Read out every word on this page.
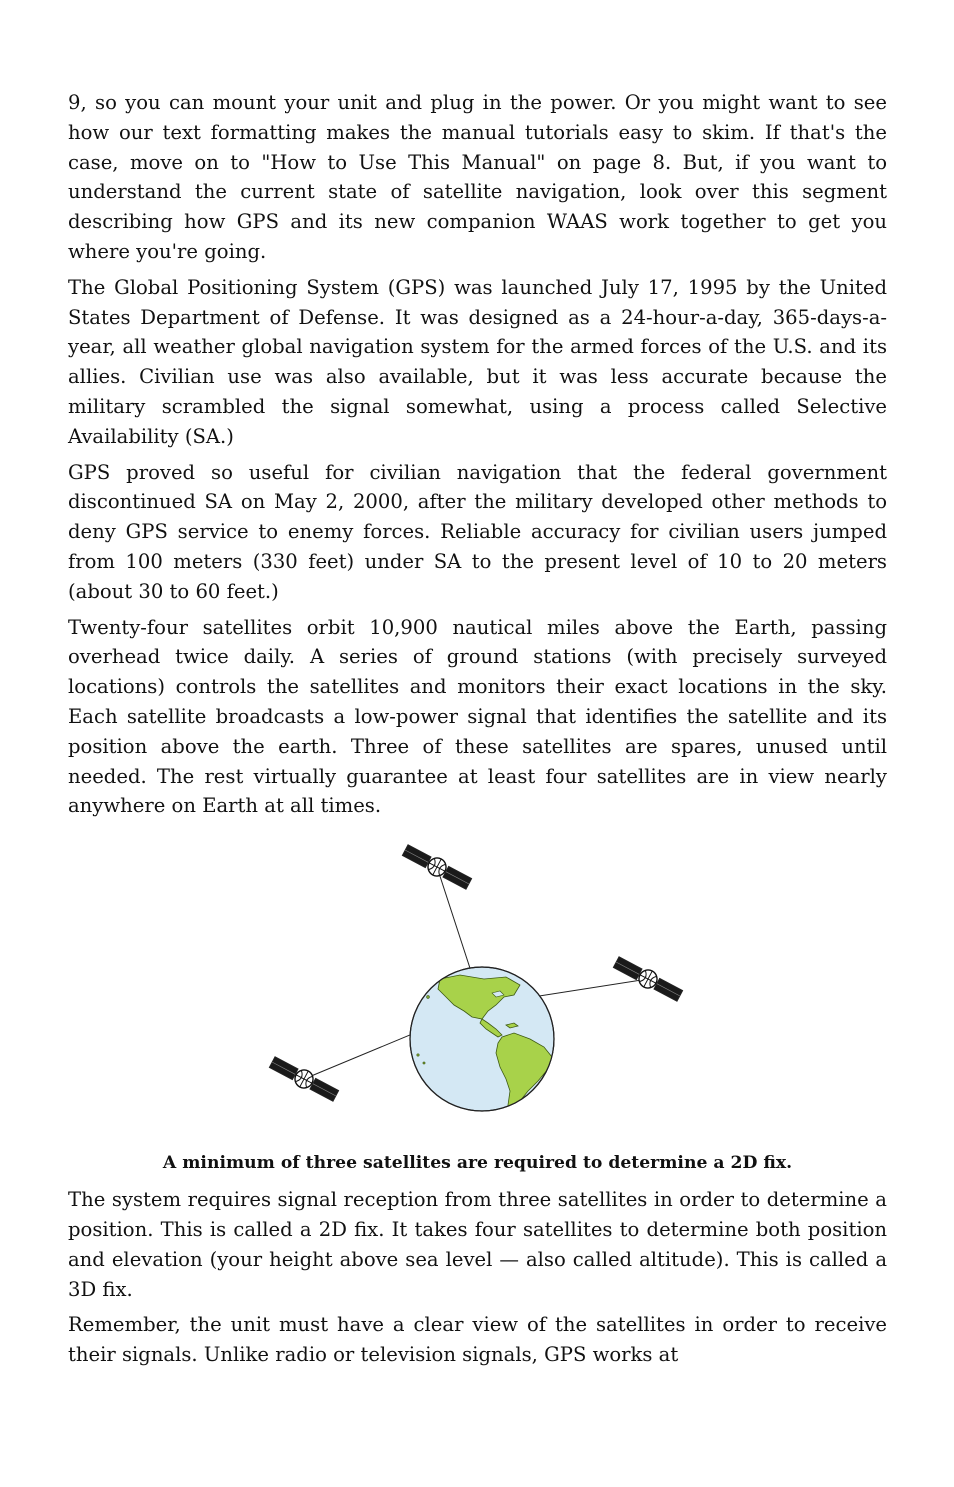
9, so you can mount your unit and plug in the power. Or you might want to see how our text formatting makes the manual tutorials easy to skim. If that's the case, move on to "How to Use This Manual" on page 8. But, if you want to understand the current state of satellite navigation, look over this segment describing how GPS and its new companion WAAS work together to get you where you're going.

The Global Positioning System (GPS) was launched July 17, 1995 by the United States Department of Defense. It was designed as a 24-hour-a-day, 365-days-a-year, all weather global navigation system for the armed forces of the U.S. and its allies. Civilian use was also available, but it was less accurate because the military scrambled the signal somewhat, using a process called Selective Availability (SA.)

GPS proved so useful for civilian navigation that the federal government discontinued SA on May 2, 2000, after the military developed other methods to deny GPS service to enemy forces. Reliable accuracy for civilian users jumped from 100 meters (330 feet) under SA to the present level of 10 to 20 meters (about 30 to 60 feet.)

Twenty-four satellites orbit 10,900 nautical miles above the Earth, passing overhead twice daily. A series of ground stations (with precisely surveyed locations) controls the satellites and monitors their exact locations in the sky. Each satellite broadcasts a low-power signal that identifies the satellite and its position above the earth. Three of these satellites are spares, unused until needed. The rest virtually guarantee at least four satellites are in view nearly anywhere on Earth at all times.

A minimum of three satellites are required to determine a 2D fix.

The system requires signal reception from three satellites in order to determine a position. This is called a 2D fix. It takes four satellites to determine both position and elevation (your height above sea level — also called altitude). This is called a 3D fix.

Remember, the unit must have a clear view of the satellites in order to receive their signals. Unlike radio or television signals, GPS works at
